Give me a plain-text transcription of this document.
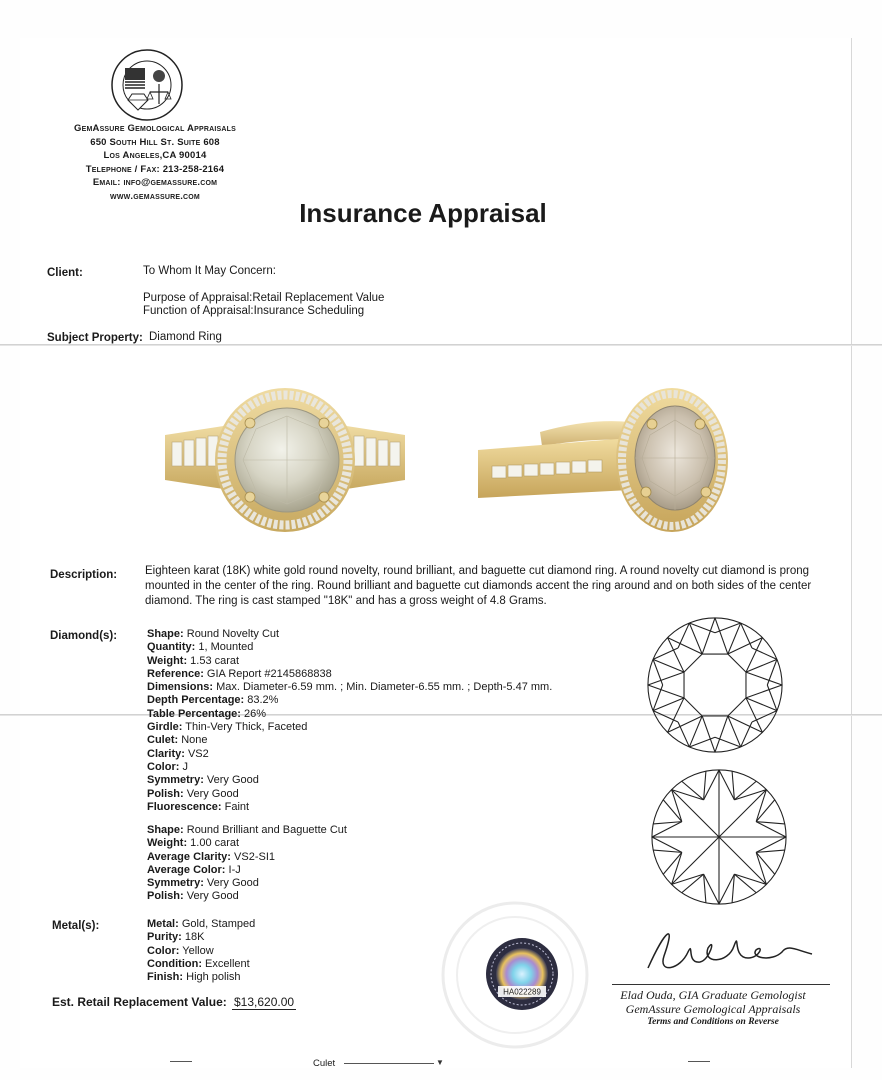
GemAssure Gemological Appraisals
650 South Hill St. Suite 608
Los Angeles,CA 90014
Telephone / Fax: 213-258-2164
Email: info@gemassure.com
www.gemassure.com
Insurance Appraisal
Client:	To Whom It May Concern:
Purpose of Appraisal:Retail Replacement Value
Function of Appraisal:Insurance Scheduling
Subject Property: Diamond Ring
Description: Eighteen karat (18K) white gold round novelty, round brilliant, and baguette cut diamond ring. A round novelty cut diamond is prong mounted in the center of the ring. Round brilliant and baguette cut diamonds accent the ring around and on both sides of the center diamond. The ring is cast stamped "18K" and has a gross weight of 4.8 Grams.
Diamond(s):	Shape: Round Novelty Cut
Quantity: 1, Mounted
Weight: 1.53 carat
Reference: GIA Report #2145868838
Dimensions: Max. Diameter-6.59 mm. ; Min. Diameter-6.55 mm. ; Depth-5.47 mm.
Depth Percentage: 83.2%
Table Percentage: 26%
Girdle: Thin-Very Thick, Faceted
Culet: None
Clarity: VS2
Color: J
Symmetry: Very Good
Polish: Very Good
Fluorescence: Faint
Shape: Round Brilliant and Baguette Cut
Weight: 1.00 carat
Average Clarity: VS2-SI1
Average Color: I-J
Symmetry: Very Good
Polish: Very Good
Metal(s):	Metal: Gold, Stamped
Purity: 18K
Color: Yellow
Condition: Excellent
Finish: High polish
Est. Retail Replacement Value: $13,620.00
HA022289	Elad Ouda, GIA Graduate Gemologist
GemAssure Gemological Appraisals
Terms and Conditions on Reverse
Culet	▼
